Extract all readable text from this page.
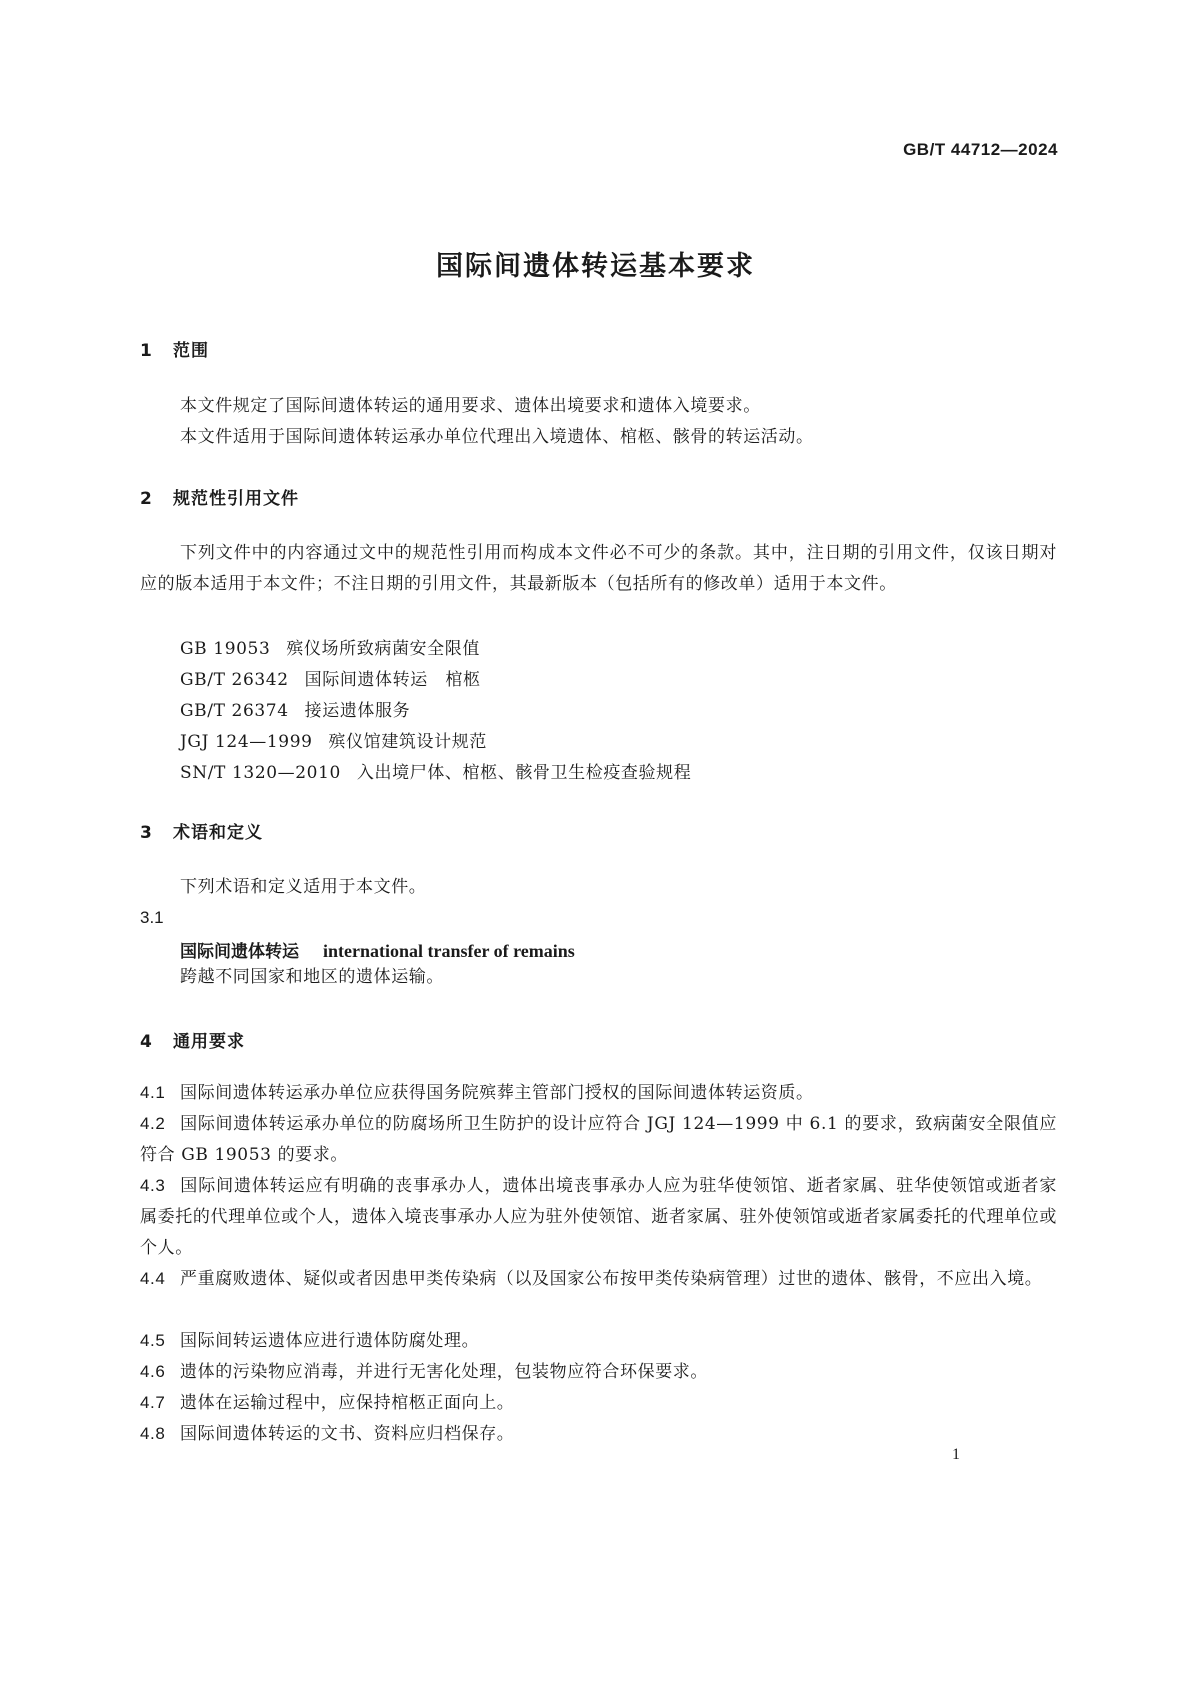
GB/T 44712—2024
国际间遗体转运基本要求
1 范围
本文件规定了国际间遗体转运的通用要求、遗体出境要求和遗体入境要求。
本文件适用于国际间遗体转运承办单位代理出入境遗体、棺柩、骸骨的转运活动。
2 规范性引用文件
下列文件中的内容通过文中的规范性引用而构成本文件必不可少的条款。其中，注日期的引用文件，仅该日期对应的版本适用于本文件；不注日期的引用文件，其最新版本（包括所有的修改单）适用于本文件。
GB 19053 殡仪场所致病菌安全限值
GB/T 26342 国际间遗体转运　棺柩
GB/T 26374 接运遗体服务
JGJ 124—1999 殡仪馆建筑设计规范
SN/T 1320—2010 入出境尸体、棺柩、骸骨卫生检疫查验规程
3 术语和定义
下列术语和定义适用于本文件。
3.1
国际间遗体转运 international transfer of remains
跨越不同国家和地区的遗体运输。
4 通用要求
4.1 国际间遗体转运承办单位应获得国务院殡葬主管部门授权的国际间遗体转运资质。
4.2 国际间遗体转运承办单位的防腐场所卫生防护的设计应符合 JGJ 124—1999 中 6.1 的要求，致病菌安全限值应符合 GB 19053 的要求。
4.3 国际间遗体转运应有明确的丧事承办人，遗体出境丧事承办人应为驻华使领馆、逝者家属、驻华使领馆或逝者家属委托的代理单位或个人，遗体入境丧事承办人应为驻外使领馆、逝者家属、驻外使领馆或逝者家属委托的代理单位或个人。
4.4 严重腐败遗体、疑似或者因患甲类传染病（以及国家公布按甲类传染病管理）过世的遗体、骸骨，不应出入境。
4.5 国际间转运遗体应进行遗体防腐处理。
4.6 遗体的污染物应消毒，并进行无害化处理，包装物应符合环保要求。
4.7 遗体在运输过程中，应保持棺柩正面向上。
4.8 国际间遗体转运的文书、资料应归档保存。
1
